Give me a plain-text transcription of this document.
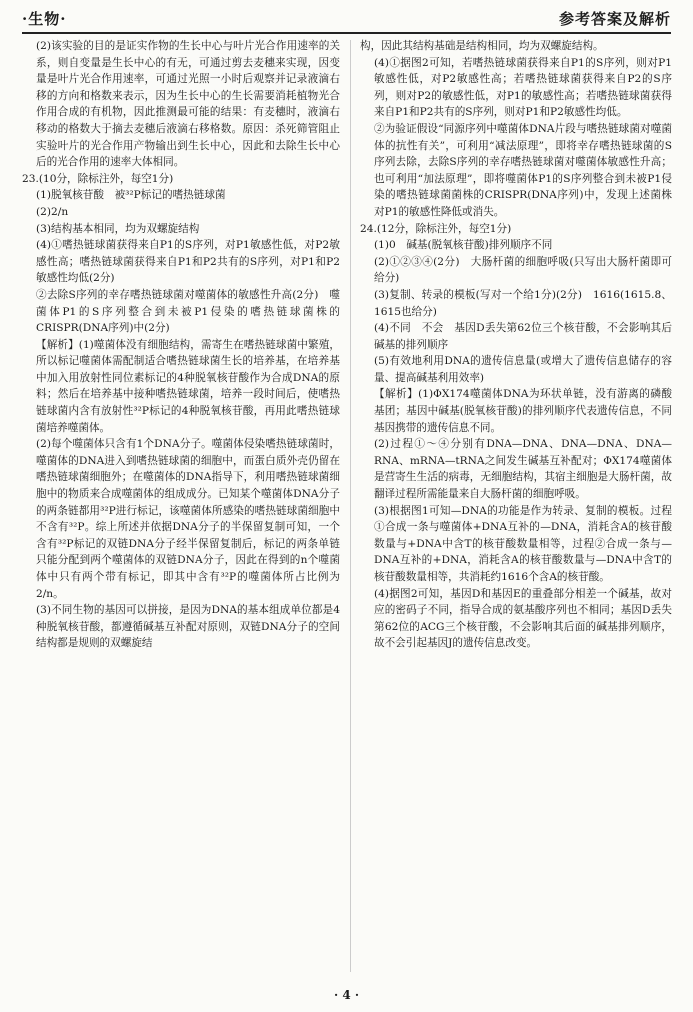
·生物·	参考答案及解析

(2)该实验的目的是证实作物的生长中心与叶片光合作用速率的关系，则自变量是生长中心的有无，可通过剪去麦穗来实现，因变量是叶片光合作用速率，可通过光照一小时后观察并记录液滴右移的方向和格数来表示，因为生长中心的生长需要消耗植物光合作用合成的有机物，因此推测最可能的结果：有麦穗时，液滴右移动的格数大于摘去麦穗后液滴右移格数。原因：杀死筛管阻止实验叶片的光合作用产物输出到生长中心，因此和去除生长中心后的光合作用的速率大体相同。

23.(10分，除标注外，每空1分)

(1)脱氧核苷酸　被³²P标记的嗜热链球菌

(2)2/n

(3)结构基本相同，均为双螺旋结构

(4)①嗜热链球菌获得来自P1的S序列，对P1敏感性低，对P2敏感性高；嗜热链球菌获得来自P1和P2共有的S序列，对P1和P2敏感性均低(2分)

②去除S序列的幸存嗜热链球菌对噬菌体的敏感性升高(2分)　噬菌体P1的S序列整合到未被P1侵染的嗜热链球菌株的CRISPR(DNA序列)中(2分)

【解析】(1)噬菌体没有细胞结构，需寄生在嗜热链球菌中繁殖，所以标记噬菌体需配制适合嗜热链球菌生长的培养基，在培养基中加入用放射性同位素标记的4种脱氧核苷酸作为合成DNA的原料；然后在培养基中接种嗜热链球菌，培养一段时间后，使嗜热链球菌内含有放射性³²P标记的4种脱氧核苷酸，再用此嗜热链球菌培养噬菌体。

(2)每个噬菌体只含有1个DNA分子。噬菌体侵染嗜热链球菌时，噬菌体的DNA进入到嗜热链球菌的细胞中，而蛋白质外壳仍留在嗜热链球菌细胞外；在噬菌体的DNA指导下，利用嗜热链球菌细胞中的物质来合成噬菌体的组成成分。已知某个噬菌体DNA分子的两条链都用³²P进行标记，该噬菌体所感染的嗜热链球菌细胞中不含有³²P。综上所述并依据DNA分子的半保留复制可知，一个含有³²P标记的双链DNA分子经半保留复制后，标记的两条单链只能分配到两个噬菌体的双链DNA分子，因此在得到的n个噬菌体中只有两个带有标记，即其中含有³²P的噬菌体所占比例为2/n。

(3)不同生物的基因可以拼接，是因为DNA的基本组成单位都是4种脱氧核苷酸，都遵循碱基互补配对原则，双链DNA分子的空间结构都是规则的双螺旋结

构，因此其结构基础是结构相同，均为双螺旋结构。

(4)①据图2可知，若嗜热链球菌获得来自P1的S序列，则对P1敏感性低，对P2敏感性高；若嗜热链球菌获得来自P2的S序列，则对P2的敏感性低，对P1的敏感性高；若嗜热链球菌获得来自P1和P2共有的S序列，则对P1和P2敏感性均低。

②为验证假设“同源序列中噬菌体DNA片段与嗜热链球菌对噬菌体的抗性有关”，可利用“减法原理”，即将幸存嗜热链球菌的S序列去除，去除S序列的幸存嗜热链球菌对噬菌体敏感性升高；也可利用“加法原理”，即将噬菌体P1的S序列整合到未被P1侵染的嗜热链球菌菌株的CRISPR(DNA序列)中，发现上述菌株对P1的敏感性降低或消失。

24.(12分，除标注外，每空1分)

(1)0　碱基(脱氧核苷酸)排列顺序不同

(2)①②③④(2分)　大肠杆菌的细胞呼吸(只写出大肠杆菌即可给分)

(3)复制、转录的模板(写对一个给1分)(2分)　1616(1615.8、1615也给分)

(4)不同　不会　基因D丢失第62位三个核苷酸，不会影响其后碱基的排列顺序

(5)有效地利用DNA的遗传信息量(或增大了遗传信息储存的容量、提高碱基利用效率)

【解析】(1)ΦX174噬菌体DNA为环状单链，没有游离的磷酸基团；基因中碱基(脱氧核苷酸)的排列顺序代表遗传信息，不同基因携带的遗传信息不同。

(2)过程①～④分别有DNA—DNA、DNA—DNA、DNA—RNA、mRNA—tRNA之间发生碱基互补配对；ΦX174噬菌体是营寄生生活的病毒，无细胞结构，其宿主细胞是大肠杆菌，故翻译过程所需能量来自大肠杆菌的细胞呼吸。

(3)根据图1可知—DNA的功能是作为转录、复制的模板。过程①合成一条与噬菌体+DNA互补的—DNA，消耗含A的核苷酸数量与+DNA中含T的核苷酸数量相等，过程②合成一条与—DNA互补的+DNA，消耗含A的核苷酸数量与—DNA中含T的核苷酸数量相等，共消耗约1616个含A的核苷酸。

(4)据图2可知，基因D和基因E的重叠部分相差一个碱基，故对应的密码子不同，指导合成的氨基酸序列也不相同；基因D丢失第62位的ACG三个核苷酸，不会影响其后面的碱基排列顺序，故不会引起基因J的遗传信息改变。

· 4 ·
